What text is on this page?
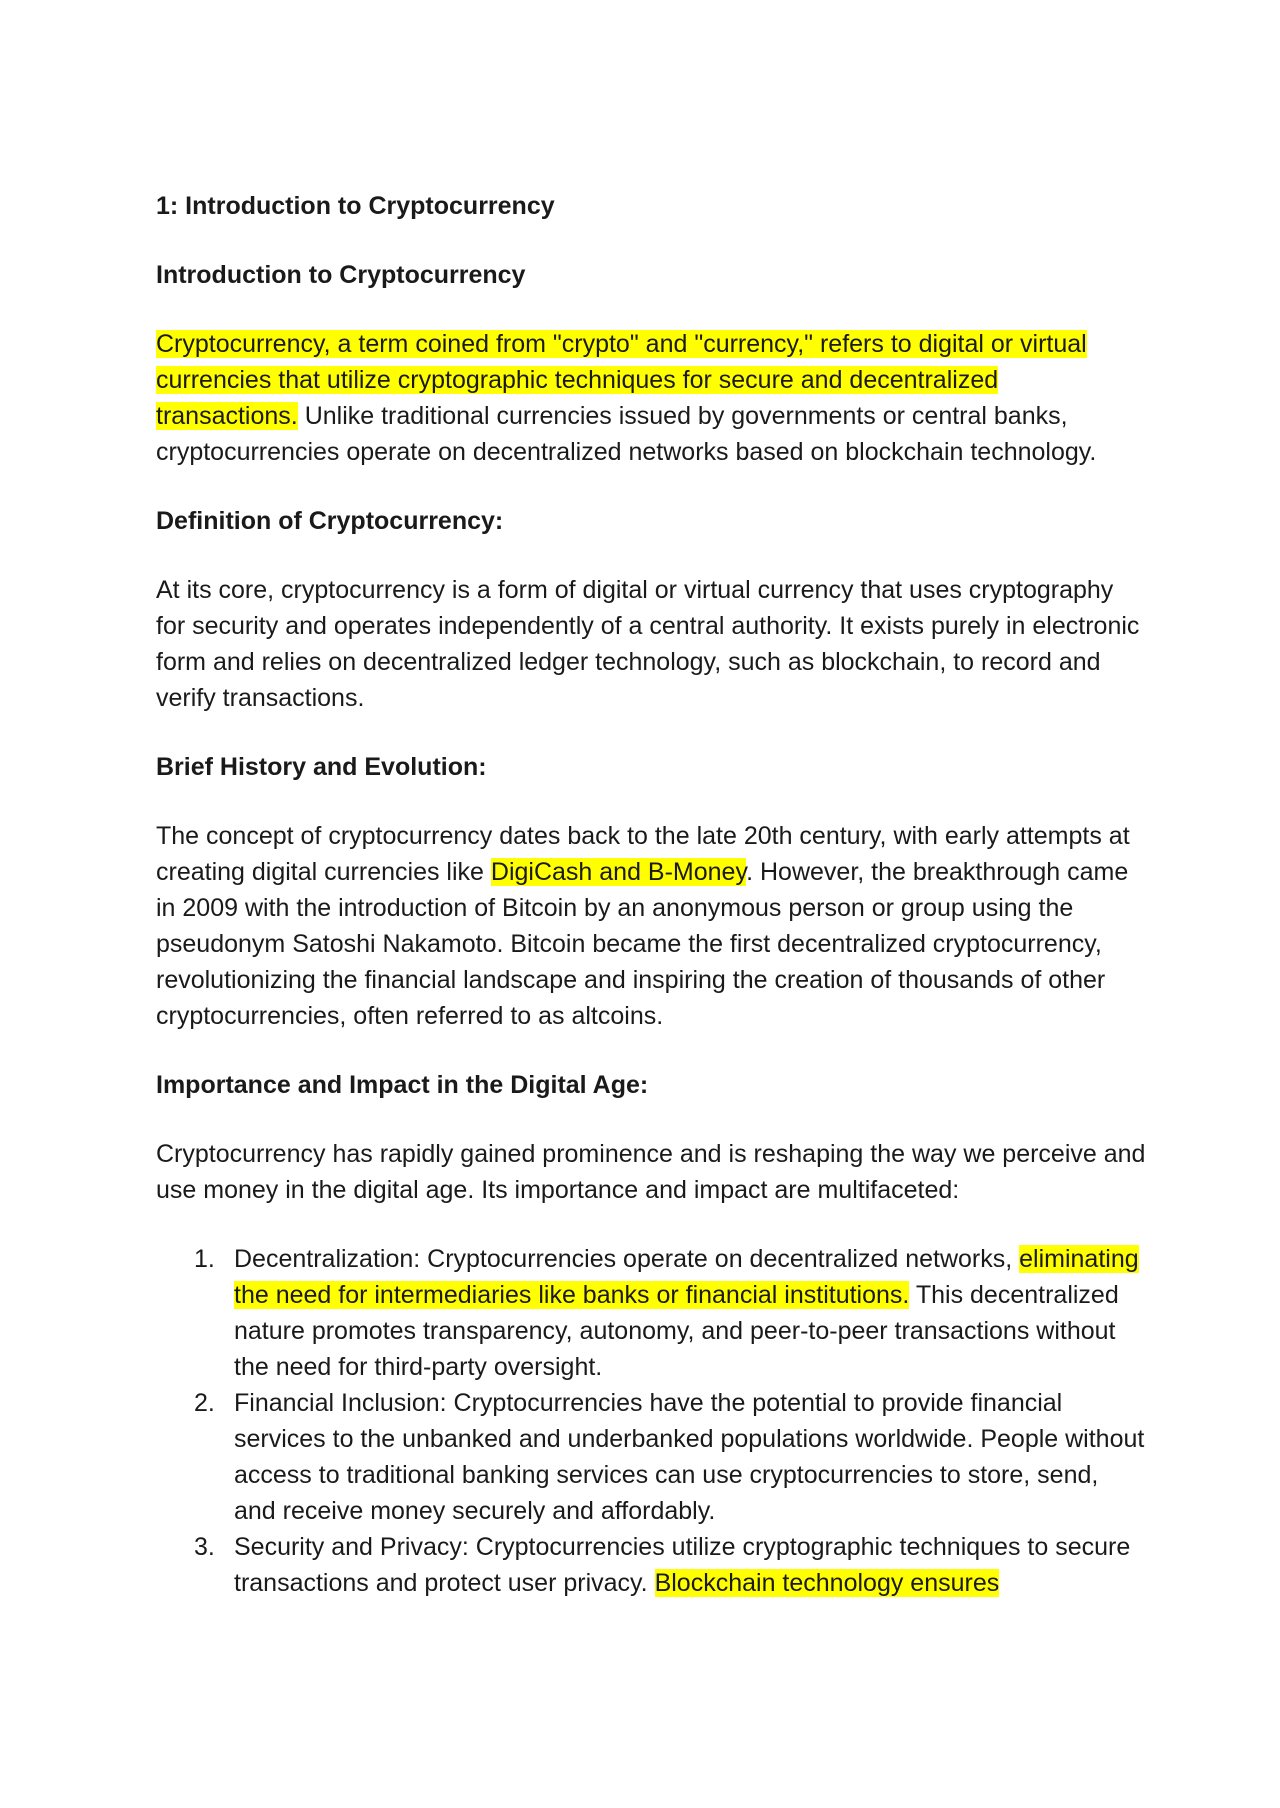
1: Introduction to Cryptocurrency
Introduction to Cryptocurrency

Cryptocurrency, a term coined from "crypto" and "currency," refers to digital or virtual currencies that utilize cryptographic techniques for secure and decentralized transactions. Unlike traditional currencies issued by governments or central banks, cryptocurrencies operate on decentralized networks based on blockchain technology.

Definition of Cryptocurrency:

At its core, cryptocurrency is a form of digital or virtual currency that uses cryptography for security and operates independently of a central authority. It exists purely in electronic form and relies on decentralized ledger technology, such as blockchain, to record and verify transactions.

Brief History and Evolution:

The concept of cryptocurrency dates back to the late 20th century, with early attempts at creating digital currencies like DigiCash and B-Money. However, the breakthrough came in 2009 with the introduction of Bitcoin by an anonymous person or group using the pseudonym Satoshi Nakamoto. Bitcoin became the first decentralized cryptocurrency, revolutionizing the financial landscape and inspiring the creation of thousands of other cryptocurrencies, often referred to as altcoins.

Importance and Impact in the Digital Age:

Cryptocurrency has rapidly gained prominence and is reshaping the way we perceive and use money in the digital age. Its importance and impact are multifaceted:

1. Decentralization: Cryptocurrencies operate on decentralized networks, eliminating the need for intermediaries like banks or financial institutions. This decentralized nature promotes transparency, autonomy, and peer-to-peer transactions without the need for third-party oversight.
2. Financial Inclusion: Cryptocurrencies have the potential to provide financial services to the unbanked and underbanked populations worldwide. People without access to traditional banking services can use cryptocurrencies to store, send, and receive money securely and affordably.
3. Security and Privacy: Cryptocurrencies utilize cryptographic techniques to secure transactions and protect user privacy. Blockchain technology ensures
